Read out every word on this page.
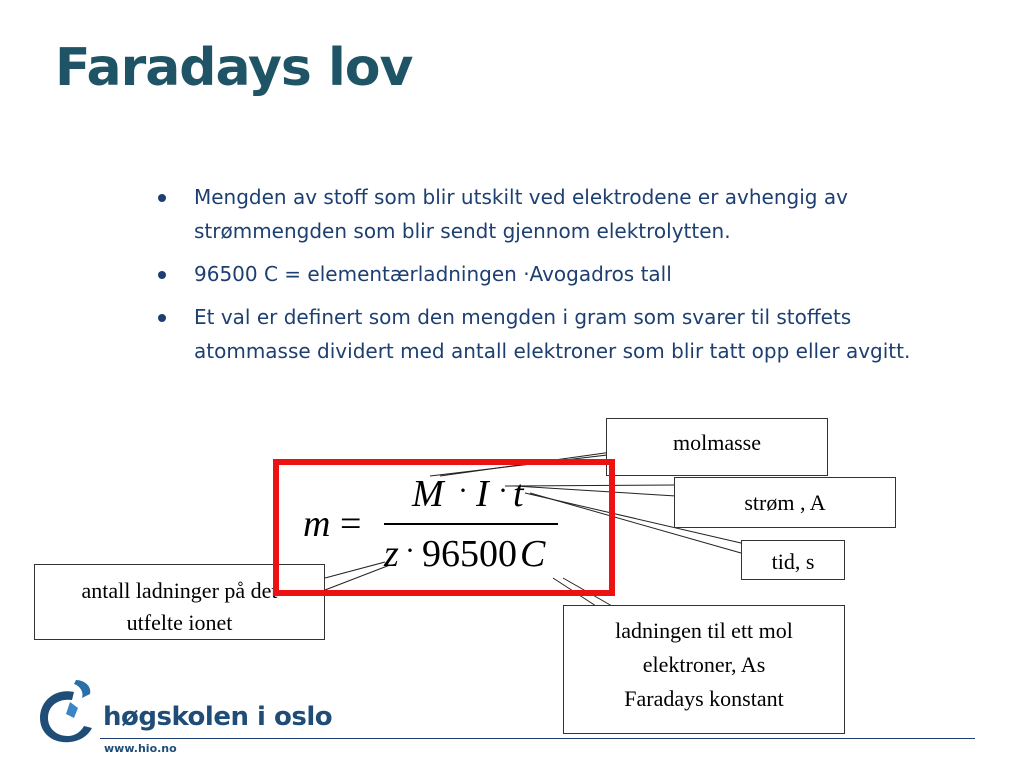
Faradays lov
Mengden av stoff som blir utskilt ved elektrodene er avhengig av strømmengden som blir sendt gjennom elektrolytten.
96500 C = elementærladningen ·Avogadros tall
Et val er definert som den mengden i gram som svarer til stoffets atommasse dividert med antall elektroner som blir tatt opp eller avgitt.
molmasse
strøm , A
tid, s
antall ladninger på det
utfelte ionet	ladningen til ett mol
elektroner, As
Faradays konstant
m =
M · I · t
z · 96500 C
høgskolen i oslo
www.hio.no
